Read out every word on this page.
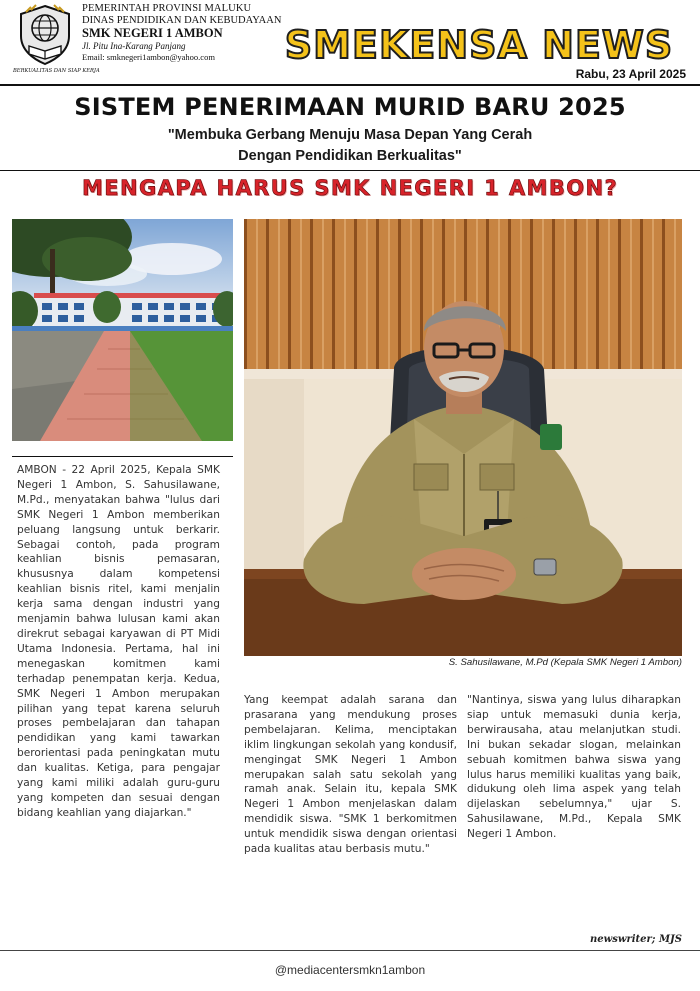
BERKUALITAS DAN SIAP KERJA
PEMERINTAH PROVINSI MALUKU
DINAS PENDIDIKAN DAN KEBUDAYAAN
SMK NEGERI 1 AMBON
Jl. Pitu Ina-Karang Panjang
Email: smknegeri1ambon@yahoo.com	SMEKENSA NEWS
Rabu, 23 April 2025
SISTEM PENERIMAAN MURID BARU 2025
"Membuka Gerbang Menuju Masa Depan Yang Cerah
Dengan Pendidikan Berkualitas"
MENGAPA HARUS SMK NEGERI 1 AMBON?
S. Sahusilawane, M.Pd (Kepala SMK Negeri 1 Ambon)

AMBON - 22 April 2025, Kepala SMK Negeri 1 Ambon, S. Sahusilawane, M.Pd., menyatakan bahwa "lulus dari SMK Negeri 1 Ambon memberikan peluang langsung untuk berkarir. Sebagai contoh, pada program keahlian bisnis pemasaran, khususnya dalam kompetensi keahlian bisnis ritel, kami menjalin kerja sama dengan industri yang menjamin bahwa lulusan kami akan direkrut sebagai karyawan di PT Midi Utama Indonesia. Pertama, hal ini menegaskan komitmen kami terhadap penempatan kerja. Kedua, SMK Negeri 1 Ambon merupakan pilihan yang tepat karena seluruh proses pembelajaran dan tahapan pendidikan yang kami tawarkan berorientasi pada peningkatan mutu dan kualitas. Ketiga, para pengajar yang kami miliki adalah guru-guru yang kompeten dan sesuai dengan bidang keahlian yang diajarkan."

Yang keempat adalah sarana dan prasarana yang mendukung proses pembelajaran. Kelima, menciptakan iklim lingkungan sekolah yang kondusif, mengingat SMK Negeri 1 Ambon merupakan salah satu sekolah yang ramah anak. Selain itu, kepala SMK Negeri 1 Ambon menjelaskan dalam mendidik siswa. "SMK 1 berkomitmen untuk mendidik siswa dengan orientasi pada kualitas atau berbasis mutu."

"Nantinya, siswa yang lulus diharapkan siap untuk memasuki dunia kerja, berwirausaha, atau melanjutkan studi. Ini bukan sekadar slogan, melainkan sebuah komitmen bahwa siswa yang lulus harus memiliki kualitas yang baik, didukung oleh lima aspek yang telah dijelaskan sebelumnya," ujar S. Sahusilawane, M.Pd., Kepala SMK Negeri 1 Ambon.

newswriter; MJS
@mediacentersmkn1ambon
